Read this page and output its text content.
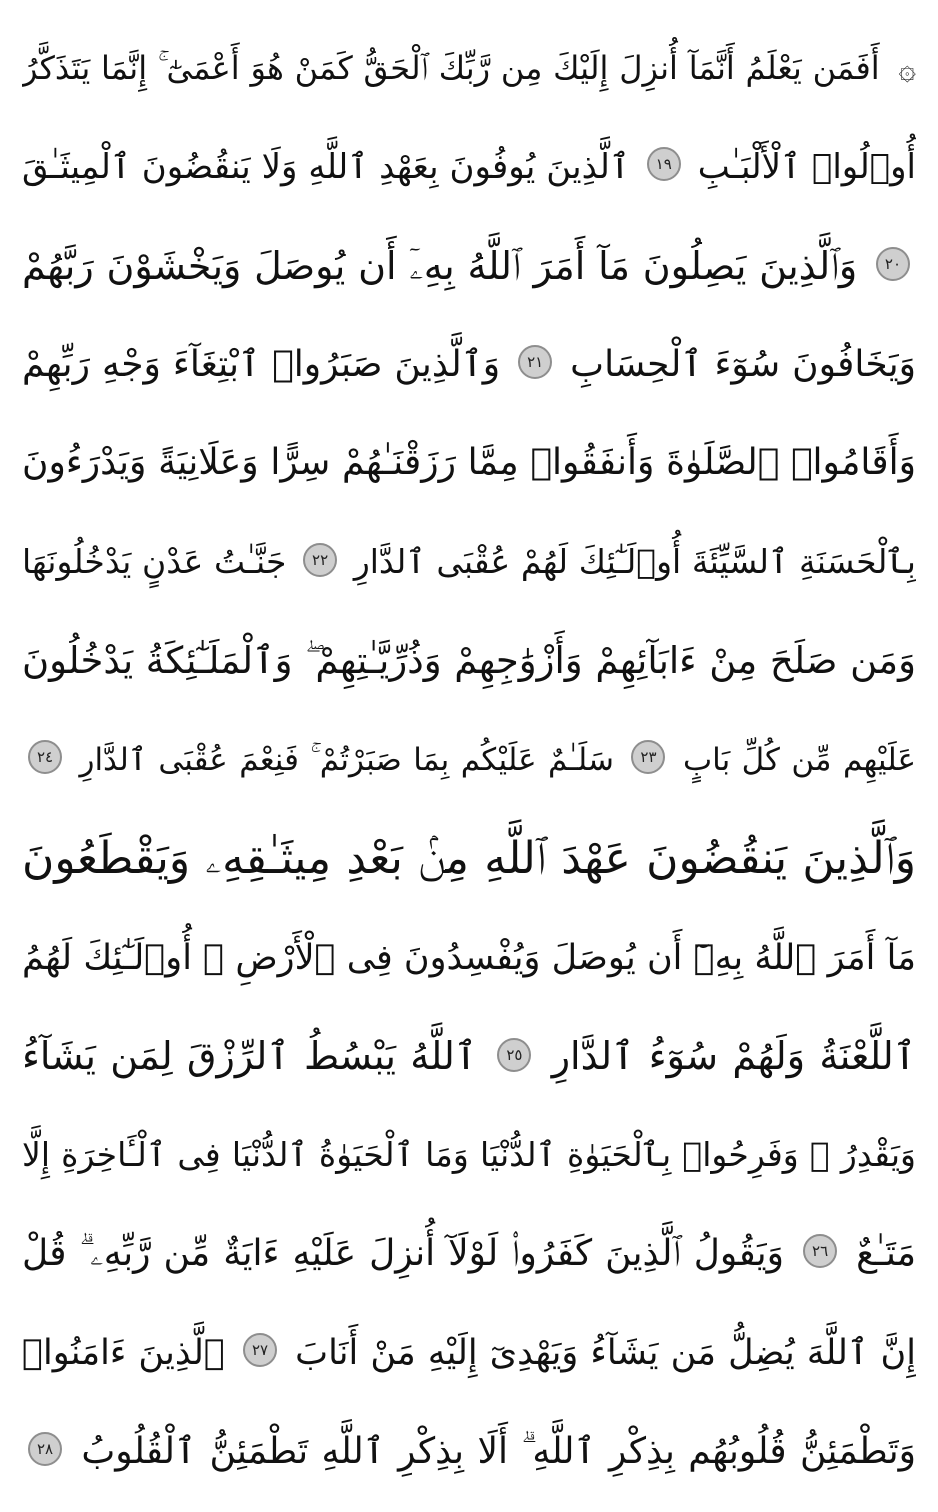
۞ أَفَمَن يَعْلَمُ أَنَّمَآ أُنزِلَ إِلَيْكَ مِن رَّبِّكَ ٱلْحَقُّ كَمَنْ هُوَ أَعْمَىٰٓ ۚ إِنَّمَا يَتَذَكَّرُ
أُو۟لُوا۟ ٱلْأَلْبَـٰبِ ١٩ ٱلَّذِينَ يُوفُونَ بِعَهْدِ ٱللَّهِ وَلَا يَنقُضُونَ ٱلْمِيثَـٰقَ
٢٠ وَٱلَّذِينَ يَصِلُونَ مَآ أَمَرَ ٱللَّهُ بِهِۦٓ أَن يُوصَلَ وَيَخْشَوْنَ رَبَّهُمْ
وَيَخَافُونَ سُوٓءَ ٱلْحِسَابِ ٢١ وَٱلَّذِينَ صَبَرُوا۟ ٱبْتِغَآءَ وَجْهِ رَبِّهِمْ
وَأَقَامُوا۟ ٱلصَّلَوٰةَ وَأَنفَقُوا۟ مِمَّا رَزَقْنَـٰهُمْ سِرًّا وَعَلَانِيَةً وَيَدْرَءُونَ
بِٱلْحَسَنَةِ ٱلسَّيِّئَةَ أُو۟لَـٰٓئِكَ لَهُمْ عُقْبَى ٱلدَّارِ ٢٢ جَنَّـٰتُ عَدْنٍ يَدْخُلُونَهَا
وَمَن صَلَحَ مِنْ ءَابَآئِهِمْ وَأَزْوَٰجِهِمْ وَذُرِّيَّـٰتِهِمْ ۖ وَٱلْمَلَـٰٓئِكَةُ يَدْخُلُونَ
عَلَيْهِم مِّن كُلِّ بَابٍ ٢٣ سَلَـٰمٌ عَلَيْكُم بِمَا صَبَرْتُمْ ۚ فَنِعْمَ عُقْبَى ٱلدَّارِ ٢٤
وَٱلَّذِينَ يَنقُضُونَ عَهْدَ ٱللَّهِ مِنۢ بَعْدِ مِيثَـٰقِهِۦ وَيَقْطَعُونَ
مَآ أَمَرَ ٱللَّهُ بِهِۦٓ أَن يُوصَلَ وَيُفْسِدُونَ فِى ٱلْأَرْضِ ۙ أُو۟لَـٰٓئِكَ لَهُمُ
ٱللَّعْنَةُ وَلَهُمْ سُوٓءُ ٱلدَّارِ ٢٥ ٱللَّهُ يَبْسُطُ ٱلرِّزْقَ لِمَن يَشَآءُ
وَيَقْدِرُ ۚ وَفَرِحُوا۟ بِٱلْحَيَوٰةِ ٱلدُّنْيَا وَمَا ٱلْحَيَوٰةُ ٱلدُّنْيَا فِى ٱلْـَٔاخِرَةِ إِلَّا
مَتَـٰعٌ ٢٦ وَيَقُولُ ٱلَّذِينَ كَفَرُوا۟ لَوْلَآ أُنزِلَ عَلَيْهِ ءَايَةٌ مِّن رَّبِّهِۦ ۗ قُلْ
إِنَّ ٱللَّهَ يُضِلُّ مَن يَشَآءُ وَيَهْدِىٓ إِلَيْهِ مَنْ أَنَابَ ٢٧ ٱلَّذِينَ ءَامَنُوا۟
وَتَطْمَئِنُّ قُلُوبُهُم بِذِكْرِ ٱللَّهِ ۗ أَلَا بِذِكْرِ ٱللَّهِ تَطْمَئِنُّ ٱلْقُلُوبُ ٢٨
